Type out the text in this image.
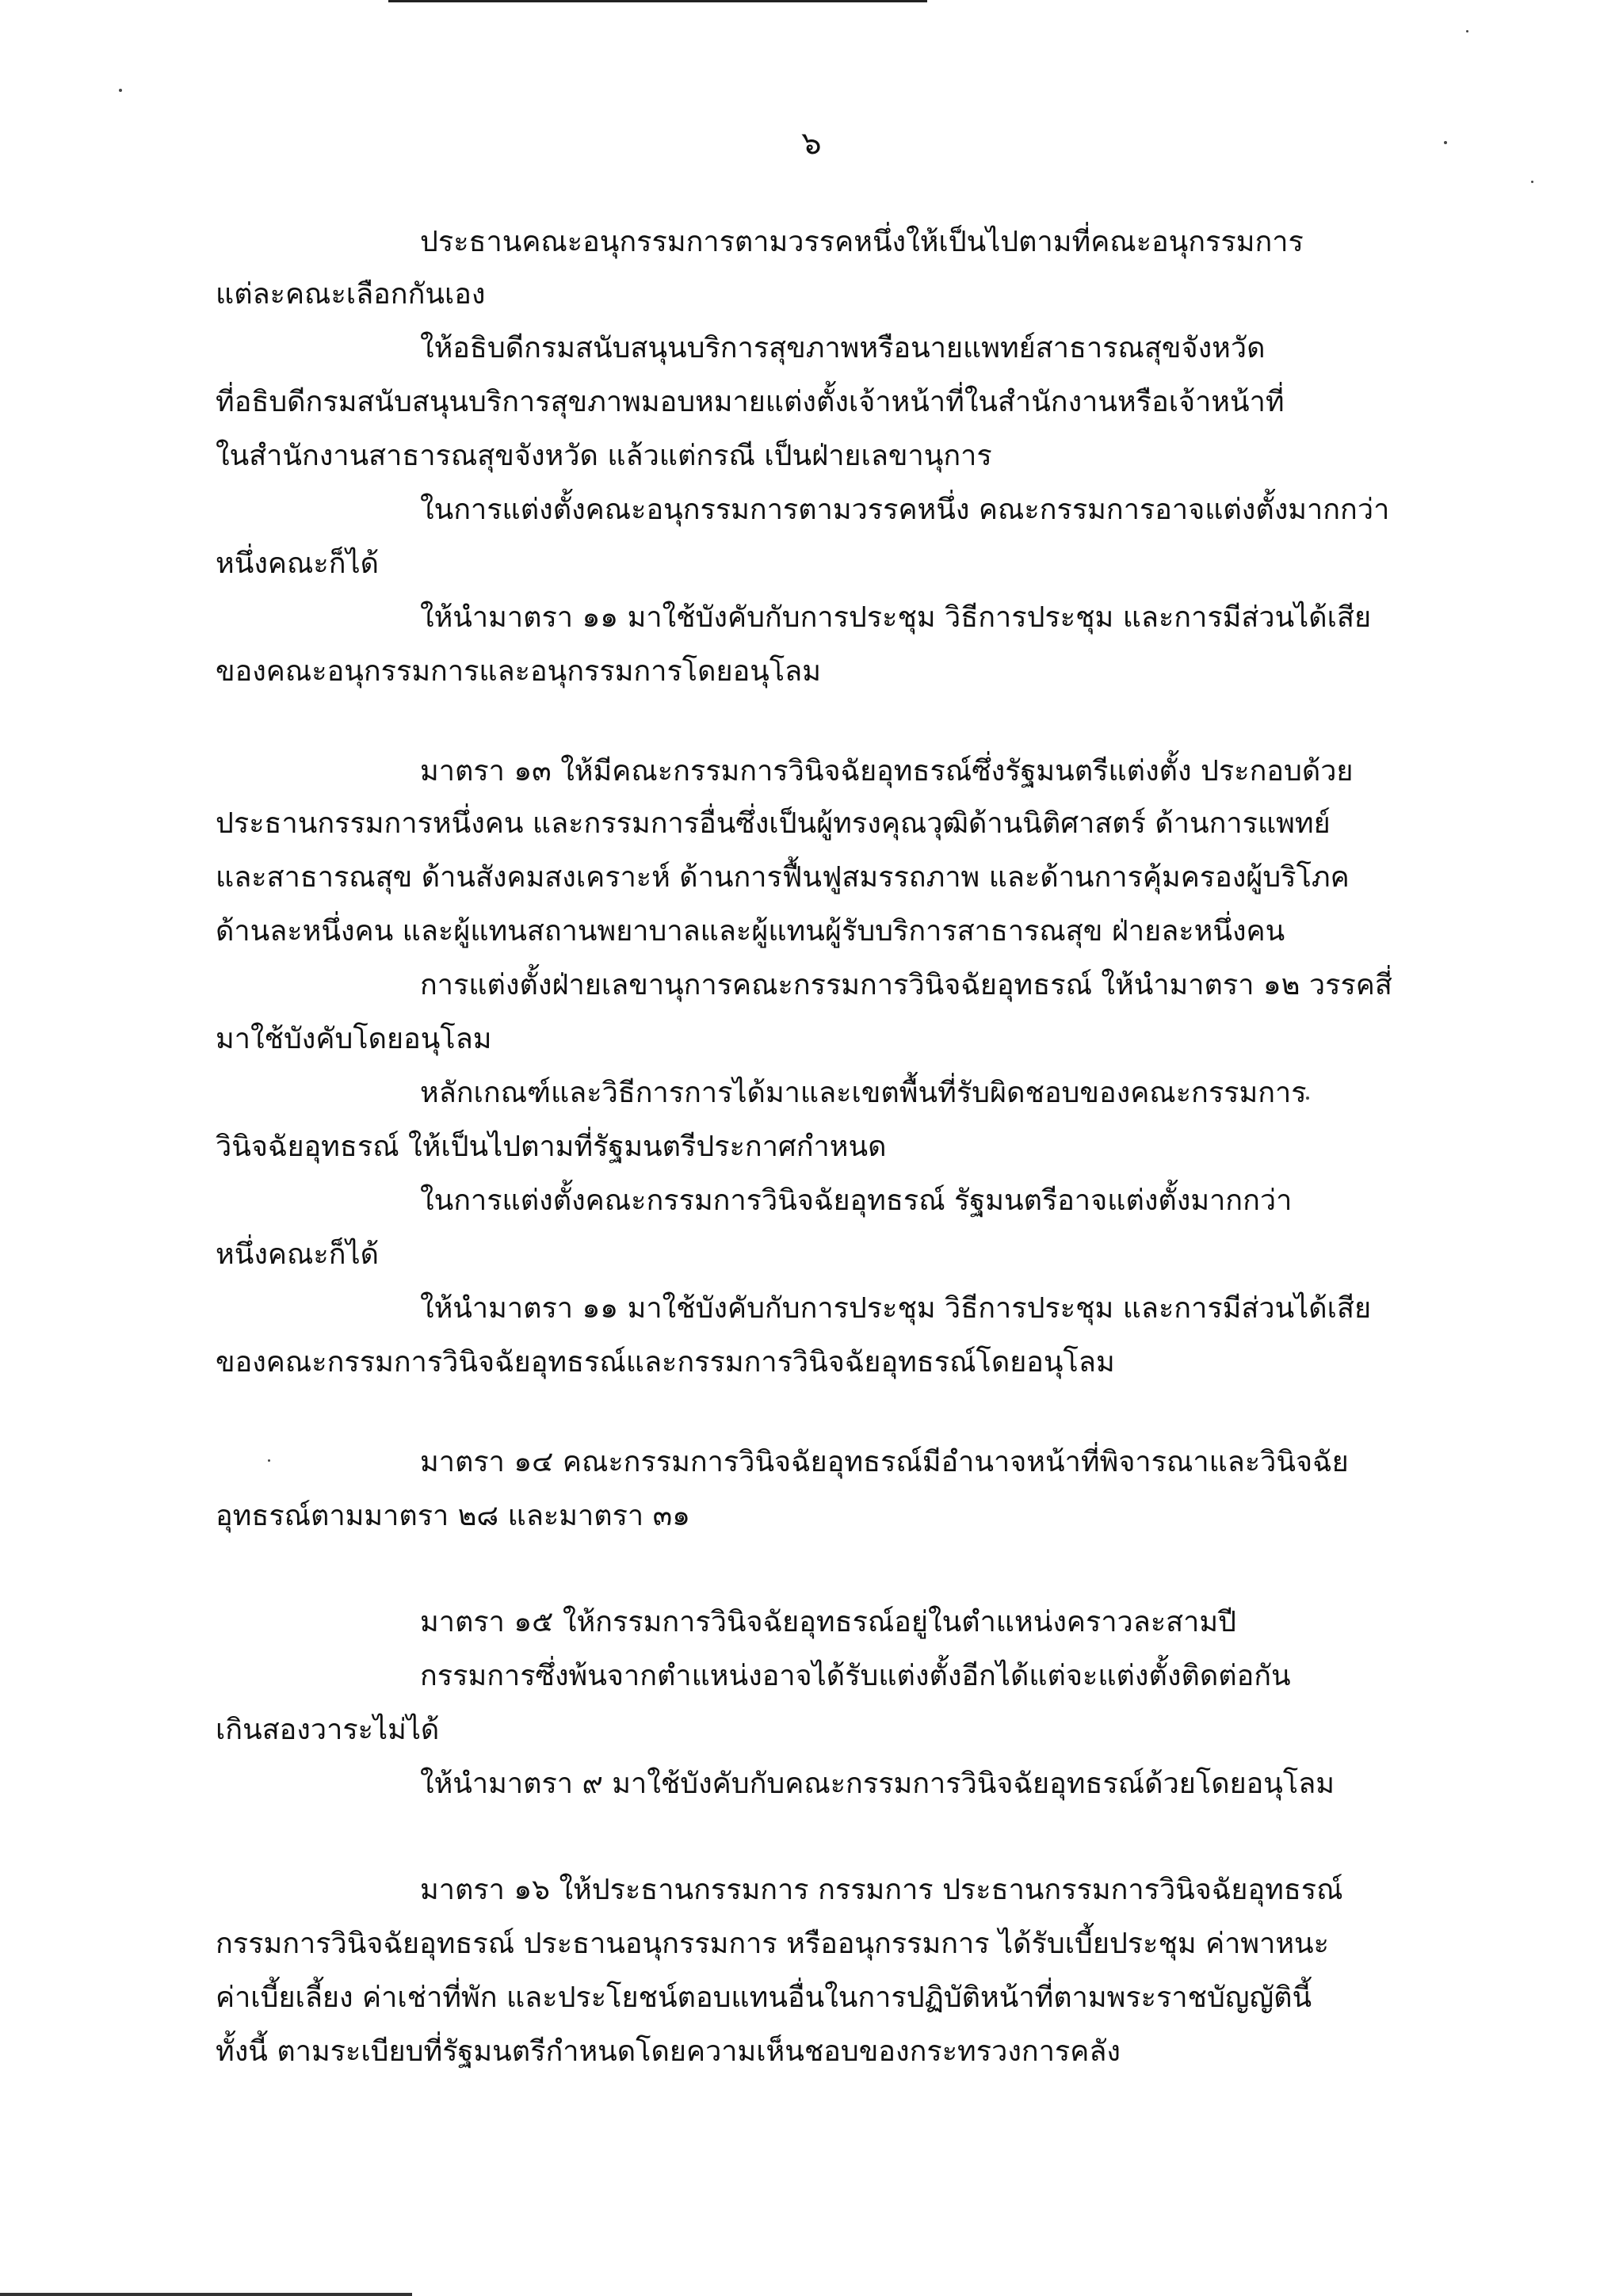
๖
ประธานคณะอนุกรรมการตามวรรคหนึ่งให้เป็นไปตามที่คณะอนุกรรมการ
แต่ละคณะเลือกกันเอง
ให้อธิบดีกรมสนับสนุนบริการสุขภาพหรือนายแพทย์สาธารณสุขจังหวัด
ที่อธิบดีกรมสนับสนุนบริการสุขภาพมอบหมายแต่งตั้งเจ้าหน้าที่ในสำนักงานหรือเจ้าหน้าที่
ในสำนักงานสาธารณสุขจังหวัด แล้วแต่กรณี เป็นฝ่ายเลขานุการ
ในการแต่งตั้งคณะอนุกรรมการตามวรรคหนึ่ง คณะกรรมการอาจแต่งตั้งมากกว่า
หนึ่งคณะก็ได้
ให้นำมาตรา ๑๑ มาใช้บังคับกับการประชุม วิธีการประชุม และการมีส่วนได้เสีย
ของคณะอนุกรรมการและอนุกรรมการโดยอนุโลม
มาตรา ๑๓ ให้มีคณะกรรมการวินิจฉัยอุทธรณ์ซึ่งรัฐมนตรีแต่งตั้ง ประกอบด้วย
ประธานกรรมการหนึ่งคน และกรรมการอื่นซึ่งเป็นผู้ทรงคุณวุฒิด้านนิติศาสตร์ ด้านการแพทย์
และสาธารณสุข ด้านสังคมสงเคราะห์ ด้านการฟื้นฟูสมรรถภาพ และด้านการคุ้มครองผู้บริโภค
ด้านละหนึ่งคน และผู้แทนสถานพยาบาลและผู้แทนผู้รับบริการสาธารณสุข ฝ่ายละหนึ่งคน
การแต่งตั้งฝ่ายเลขานุการคณะกรรมการวินิจฉัยอุทธรณ์ ให้นำมาตรา ๑๒ วรรคสี่
มาใช้บังคับโดยอนุโลม
หลักเกณฑ์และวิธีการการได้มาและเขตพื้นที่รับผิดชอบของคณะกรรมการ
วินิจฉัยอุทธรณ์ ให้เป็นไปตามที่รัฐมนตรีประกาศกำหนด
ในการแต่งตั้งคณะกรรมการวินิจฉัยอุทธรณ์ รัฐมนตรีอาจแต่งตั้งมากกว่า
หนึ่งคณะก็ได้
ให้นำมาตรา ๑๑ มาใช้บังคับกับการประชุม วิธีการประชุม และการมีส่วนได้เสีย
ของคณะกรรมการวินิจฉัยอุทธรณ์และกรรมการวินิจฉัยอุทธรณ์โดยอนุโลม
มาตรา ๑๔ คณะกรรมการวินิจฉัยอุทธรณ์มีอำนาจหน้าที่พิจารณาและวินิจฉัย
อุทธรณ์ตามมาตรา ๒๘ และมาตรา ๓๑
มาตรา ๑๕ ให้กรรมการวินิจฉัยอุทธรณ์อยู่ในตำแหน่งคราวละสามปี
กรรมการซึ่งพ้นจากตำแหน่งอาจได้รับแต่งตั้งอีกได้แต่จะแต่งตั้งติดต่อกัน
เกินสองวาระไม่ได้
ให้นำมาตรา ๙ มาใช้บังคับกับคณะกรรมการวินิจฉัยอุทธรณ์ด้วยโดยอนุโลม
มาตรา ๑๖ ให้ประธานกรรมการ กรรมการ ประธานกรรมการวินิจฉัยอุทธรณ์
กรรมการวินิจฉัยอุทธรณ์ ประธานอนุกรรมการ หรืออนุกรรมการ ได้รับเบี้ยประชุม ค่าพาหนะ
ค่าเบี้ยเลี้ยง ค่าเช่าที่พัก และประโยชน์ตอบแทนอื่นในการปฏิบัติหน้าที่ตามพระราชบัญญัตินี้
ทั้งนี้ ตามระเบียบที่รัฐมนตรีกำหนดโดยความเห็นชอบของกระทรวงการคลัง
